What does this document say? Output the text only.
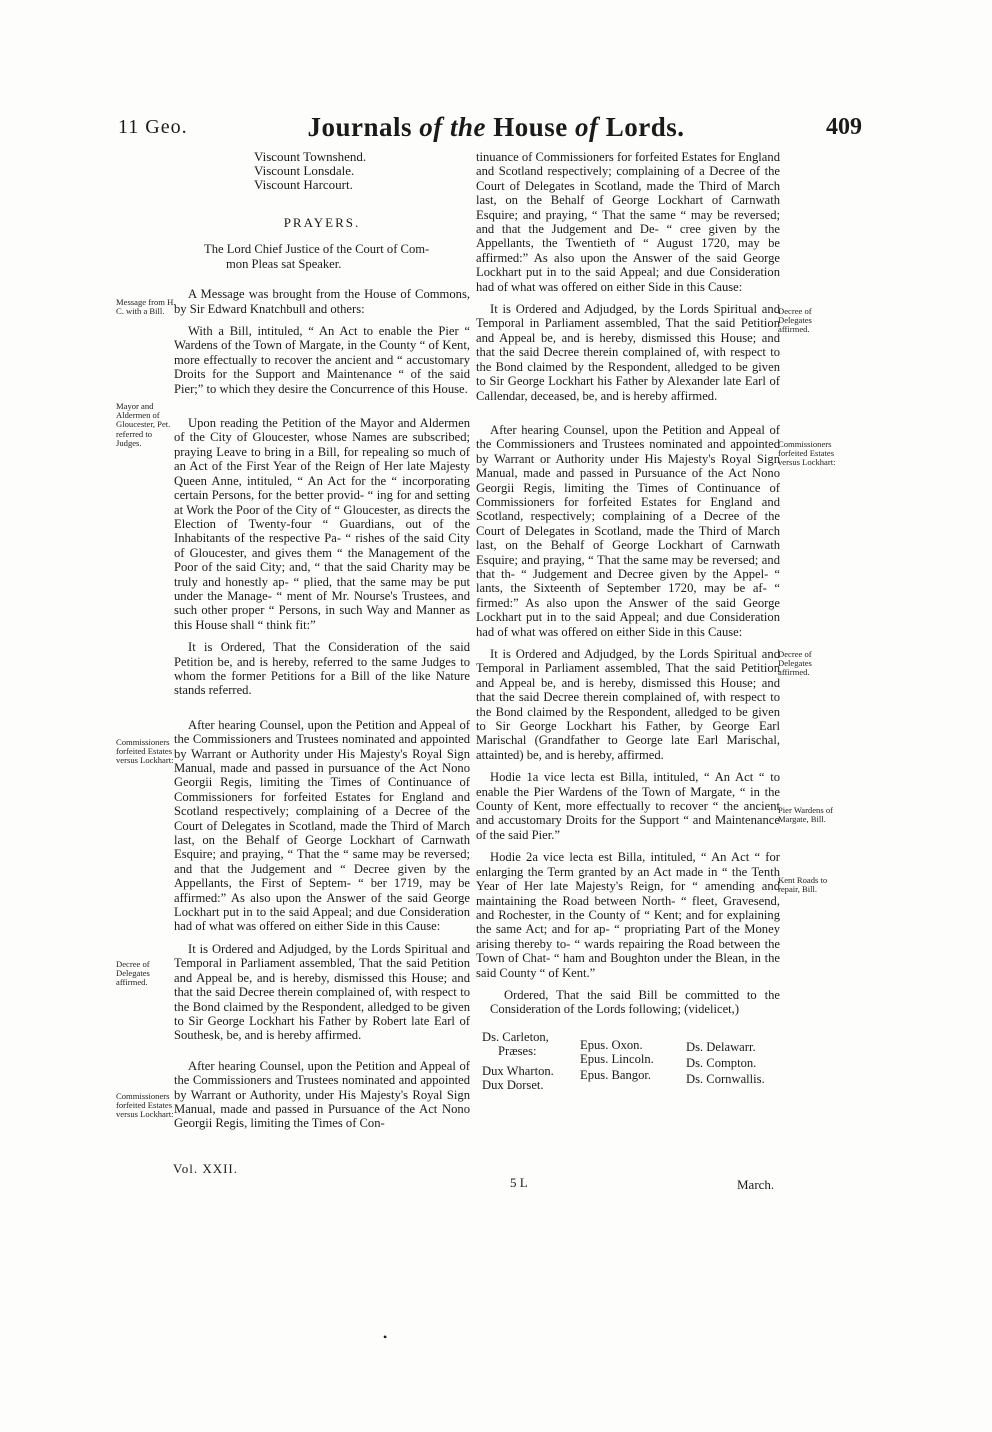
11 Geo.	Journals of the House of Lords.	409
Message from H. C. with a Bill.
Mayor and Aldermen of Gloucester, Pet. referred to Judges.
Commissioners forfeited Estates versus Lockhart:
Decree of Delegates affirmed.
Commissioners forfeited Estates versus Lockhart:
Decree of Delegates affirmed.
Commissioners forfeited Estates versus Lockhart:
Decree of Delegates affirmed.
Pier Wardens of Margate, Bill.
Kent Roads to repair, Bill.
Viscount Townshend.
Viscount Lonsdale.
Viscount Harcourt.
PRAYERS.

The Lord Chief Justice of the Court of Com-
mon Pleas sat Speaker.

A Message was brought from the House of Commons, by Sir Edward Knatchbull and others:

With a Bill, intituled, “ An Act to enable the Pier “ Wardens of the Town of Margate, in the County “ of Kent, more effectually to recover the ancient and “ accustomary Droits for the Support and Maintenance “ of the said Pier;” to which they desire the Concurrence of this House.

Upon reading the Petition of the Mayor and Aldermen of the City of Gloucester, whose Names are subscribed; praying Leave to bring in a Bill, for repealing so much of an Act of the First Year of the Reign of Her late Majesty Queen Anne, intituled, “ An Act for the “ incorporating certain Persons, for the better provid- “ ing for and setting at Work the Poor of the City of “ Gloucester, as directs the Election of Twenty-four “ Guardians, out of the Inhabitants of the respective Pa- “ rishes of the said City of Gloucester, and gives them “ the Management of the Poor of the said City; and, “ that the said Charity may be truly and honestly ap- “ plied, that the same may be put under the Manage- “ ment of Mr. Nourse's Trustees, and such other proper “ Persons, in such Way and Manner as this House shall “ think fit:”

It is Ordered, That the Consideration of the said Petition be, and is hereby, referred to the same Judges to whom the former Petitions for a Bill of the like Nature stands referred.

After hearing Counsel, upon the Petition and Appeal of the Commissioners and Trustees nominated and appointed by Warrant or Authority under His Majesty's Royal Sign Manual, made and passed in pursuance of the Act Nono Georgii Regis, limiting the Times of Continuance of Commissioners for forfeited Estates for England and Scotland respectively; complaining of a Decree of the Court of Delegates in Scotland, made the Third of March last, on the Behalf of George Lockhart of Carnwath Esquire; and praying, “ That the “ same may be reversed; and that the Judgement and “ Decree given by the Appellants, the First of Septem- “ ber 1719, may be affirmed:” As also upon the Answer of the said George Lockhart put in to the said Appeal; and due Consideration had of what was offered on either Side in this Cause:

It is Ordered and Adjudged, by the Lords Spiritual and Temporal in Parliament assembled, That the said Petition and Appeal be, and is hereby, dismissed this House; and that the said Decree therein complained of, with respect to the Bond claimed by the Respondent, alledged to be given to Sir George Lockhart his Father by Robert late Earl of Southesk, be, and is hereby affirmed.

After hearing Counsel, upon the Petition and Appeal of the Commissioners and Trustees nominated and appointed by Warrant or Authority, under His Majesty's Royal Sign Manual, made and passed in Pursuance of the Act Nono Georgii Regis, limiting the Times of Con-

tinuance of Commissioners for forfeited Estates for England and Scotland respectively; complaining of a Decree of the Court of Delegates in Scotland, made the Third of March last, on the Behalf of George Lockhart of Carnwath Esquire; and praying, “ That the same “ may be reversed; and that the Judgement and De- “ cree given by the Appellants, the Twentieth of “ August 1720, may be affirmed:” As also upon the Answer of the said George Lockhart put in to the said Appeal; and due Consideration had of what was offered on either Side in this Cause:

It is Ordered and Adjudged, by the Lords Spiritual and Temporal in Parliament assembled, That the said Petition and Appeal be, and is hereby, dismissed this House; and that the said Decree therein complained of, with respect to the Bond claimed by the Respondent, alledged to be given to Sir George Lockhart his Father by Alexander late Earl of Callendar, deceased, be, and is hereby affirmed.

After hearing Counsel, upon the Petition and Appeal of the Commissioners and Trustees nominated and appointed by Warrant or Authority under His Majesty's Royal Sign Manual, made and passed in Pursuance of the Act Nono Georgii Regis, limiting the Times of Continuance of Commissioners for forfeited Estates for England and Scotland, respectively; complaining of a Decree of the Court of Delegates in Scotland, made the Third of March last, on the Behalf of George Lockhart of Carnwath Esquire; and praying, “ That the same may be reversed; and that th- “ Judgement and Decree given by the Appel- “ lants, the Sixteenth of September 1720, may be af- “ firmed:” As also upon the Answer of the said George Lockhart put in to the said Appeal; and due Consideration had of what was offered on either Side in this Cause:

It is Ordered and Adjudged, by the Lords Spiritual and Temporal in Parliament assembled, That the said Petition and Appeal be, and is hereby, dismissed this House; and that the said Decree therein complained of, with respect to the Bond claimed by the Respondent, alledged to be given to Sir George Lockhart his Father, by George Earl Marischal (Grandfather to George late Earl Marischal, attainted) be, and is hereby, affirmed.

Hodie 1a vice lecta est Billa, intituled, “ An Act “ to enable the Pier Wardens of the Town of Margate, “ in the County of Kent, more effectually to recover “ the ancient and accustomary Droits for the Support “ and Maintenance of the said Pier.”

Hodie 2a vice lecta est Billa, intituled, “ An Act “ for enlarging the Term granted by an Act made in “ the Tenth Year of Her late Majesty's Reign, for “ amending and maintaining the Road between North- “ fleet, Gravesend, and Rochester, in the County of “ Kent; and for explaining the same Act; and for ap- “ propriating Part of the Money arising thereby to- “ wards repairing the Road between the Town of Chat- “ ham and Boughton under the Blean, in the said County “ of Kent.”

Ordered, That the said Bill be committed to the Consideration of the Lords following; (videlicet,)

Ds. Carleton,
Præses:
Dux Wharton.
Dux Dorset.
Epus. Oxon.
Epus. Lincoln.
Epus. Bangor.
Ds. Delawarr.
Ds. Compton.
Ds. Cornwallis.
Vol. XXII.
5 L	March.
•
